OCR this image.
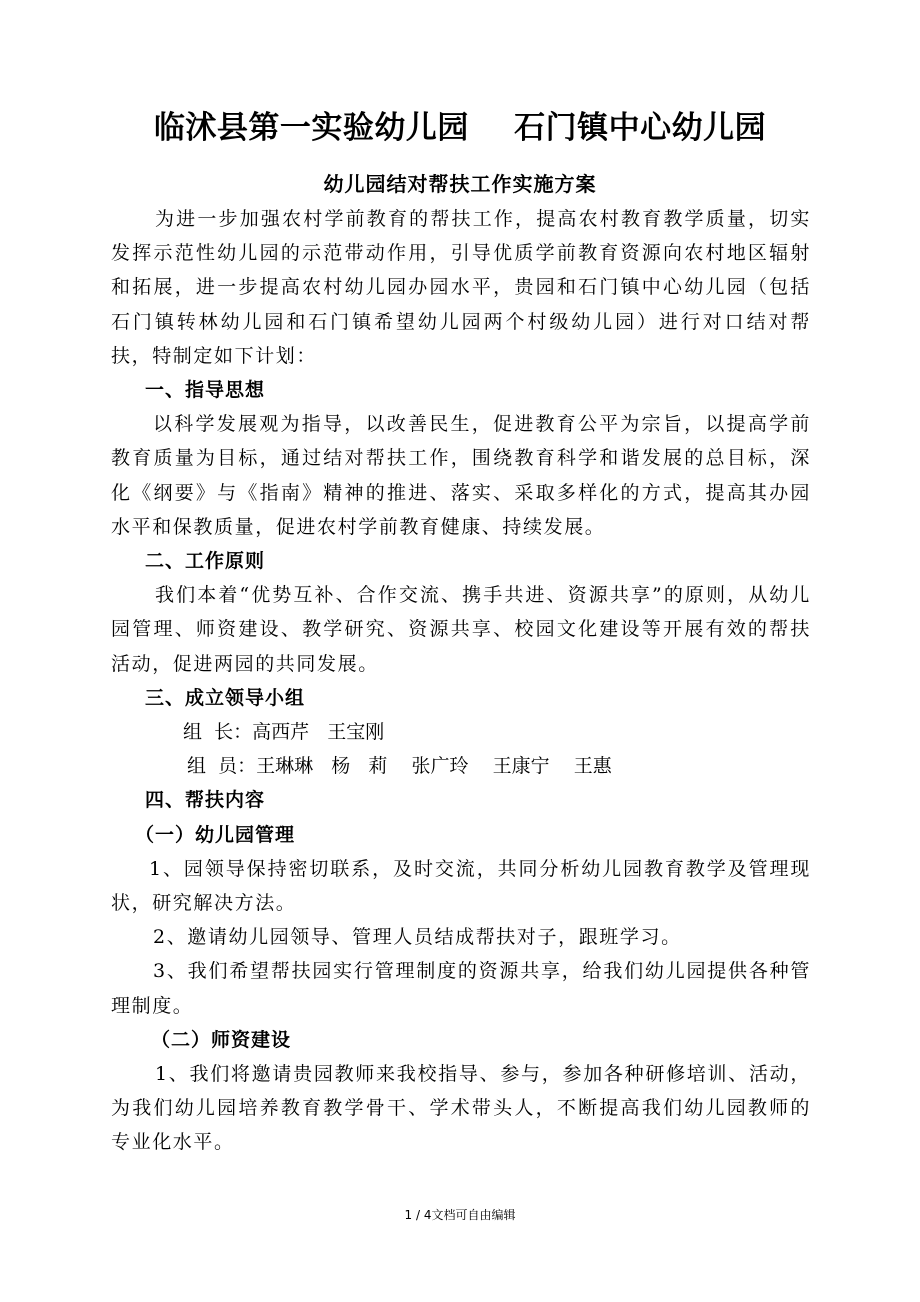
临沭县第一实验幼儿园    石门镇中心幼儿园
幼儿园结对帮扶工作实施方案

为进一步加强农村学前教育的帮扶工作，提高农村教育教学质量，切实发挥示范性幼儿园的示范带动作用，引导优质学前教育资源向农村地区辐射和拓展，进一步提高农村幼儿园办园水平，贵园和石门镇中心幼儿园（包括石门镇转林幼儿园和石门镇希望幼儿园两个村级幼儿园）进行对口结对帮扶，特制定如下计划：

一、指导思想

以科学发展观为指导，以改善民生，促进教育公平为宗旨，以提高学前教育质量为目标，通过结对帮扶工作，围绕教育科学和谐发展的总目标，深化《纲要》与《指南》精神的推进、落实、采取多样化的方式，提高其办园水平和保教质量，促进农村学前教育健康、持续发展。

二、工作原则

我们本着“优势互补、合作交流、携手共进、资源共享”的原则，从幼儿园管理、师资建设、教学研究、资源共享、校园文化建设等开展有效的帮扶活动，促进两园的共同发展。

三、成立领导小组

组  长：高西芹   王宝刚

组  员：王琳琳   杨   莉    张广玲    王康宁    王惠

四、帮扶内容

（一）幼儿园管理

1、园领导保持密切联系，及时交流，共同分析幼儿园教育教学及管理现状，研究解决方法。

2、邀请幼儿园领导、管理人员结成帮扶对子，跟班学习。

3、我们希望帮扶园实行管理制度的资源共享，给我们幼儿园提供各种管理制度。

（二）师资建设

1、我们将邀请贵园教师来我校指导、参与，参加各种研修培训、活动，为我们幼儿园培养教育教学骨干、学术带头人，不断提高我们幼儿园教师的专业化水平。

1 / 4文档可自由编辑
